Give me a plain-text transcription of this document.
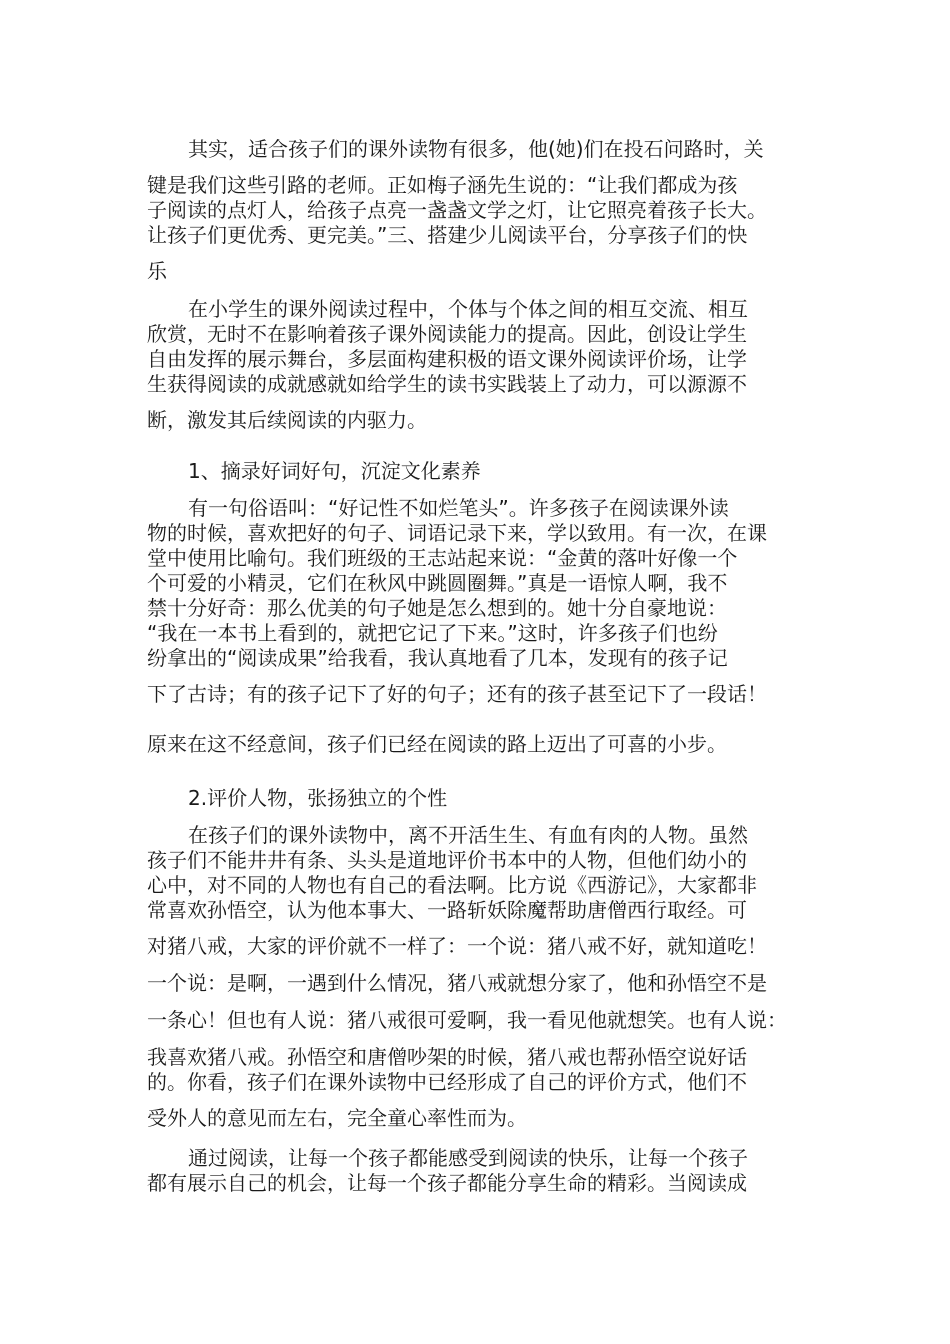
其实，适合孩子们的课外读物有很多，他(她)们在投石问路时，关
键是我们这些引路的老师。正如梅子涵先生说的：“让我们都成为孩
子阅读的点灯人，给孩子点亮一盏盏文学之灯，让它照亮着孩子长大。
让孩子们更优秀、更完美。”三、搭建少儿阅读平台，分享孩子们的快
乐
在小学生的课外阅读过程中，个体与个体之间的相互交流、相互
欣赏，无时不在影响着孩子课外阅读能力的提高。因此，创设让学生
自由发挥的展示舞台，多层面构建积极的语文课外阅读评价场，让学
生获得阅读的成就感就如给学生的读书实践装上了动力，可以源源不
断，激发其后续阅读的内驱力。
1、摘录好词好句，沉淀文化素养
有一句俗语叫：“好记性不如烂笔头”。许多孩子在阅读课外读
物的时候，喜欢把好的句子、词语记录下来，学以致用。有一次，在课
堂中使用比喻句。我们班级的王志站起来说：“金黄的落叶好像一个
个可爱的小精灵，它们在秋风中跳圆圈舞。”真是一语惊人啊，我不
禁十分好奇：那么优美的句子她是怎么想到的。她十分自豪地说：
“我在一本书上看到的，就把它记了下来。”这时，许多孩子们也纷
纷拿出的“阅读成果”给我看，我认真地看了几本，发现有的孩子记
下了古诗；有的孩子记下了好的句子；还有的孩子甚至记下了一段话！
原来在这不经意间，孩子们已经在阅读的路上迈出了可喜的小步。
2.评价人物，张扬独立的个性
在孩子们的课外读物中，离不开活生生、有血有肉的人物。虽然
孩子们不能井井有条、头头是道地评价书本中的人物，但他们幼小的
心中，对不同的人物也有自己的看法啊。比方说《西游记》，大家都非
常喜欢孙悟空，认为他本事大、一路斩妖除魔帮助唐僧西行取经。可
对猪八戒，大家的评价就不一样了：一个说：猪八戒不好，就知道吃！
一个说：是啊，一遇到什么情况，猪八戒就想分家了，他和孙悟空不是
一条心！但也有人说：猪八戒很可爱啊，我一看见他就想笑。也有人说：
我喜欢猪八戒。孙悟空和唐僧吵架的时候，猪八戒也帮孙悟空说好话
的。你看，孩子们在课外读物中已经形成了自己的评价方式，他们不
受外人的意见而左右，完全童心率性而为。
通过阅读，让每一个孩子都能感受到阅读的快乐，让每一个孩子
都有展示自己的机会，让每一个孩子都能分享生命的精彩。当阅读成
